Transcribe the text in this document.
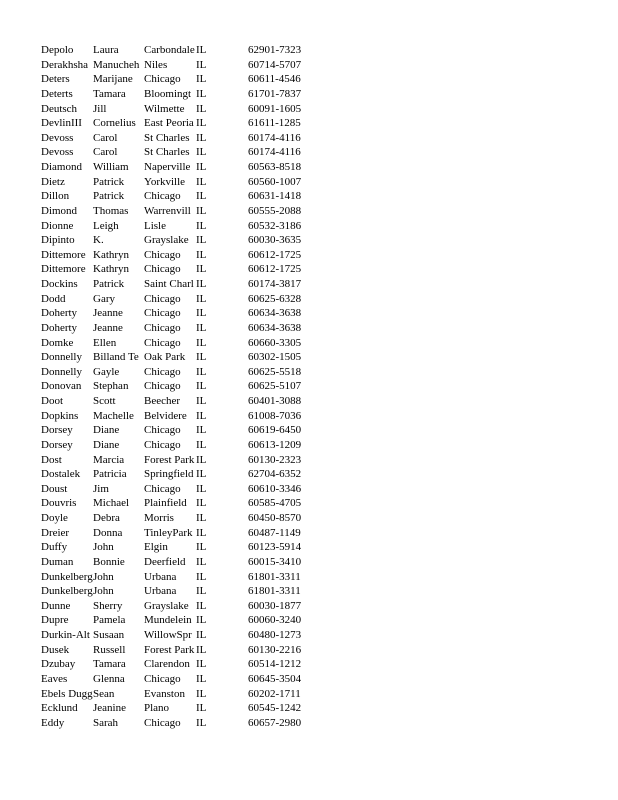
Depolo	Laura	Carbondale	IL	62901-7323
Derakhsha	Manucheh	Niles	IL	60714-5707
Deters	Marijane	Chicago	IL	60611-4546
Deterts	Tamara	Bloomingt	IL	61701-7837
Deutsch	Jill	Wilmette	IL	60091-1605
DevlinIII	Cornelius	East Peoria	IL	61611-1285
Devoss	Carol	St Charles	IL	60174-4116
Devoss	Carol	St Charles	IL	60174-4116
Diamond	William	Naperville	IL	60563-8518
Dietz	Patrick	Yorkville	IL	60560-1007
Dillon	Patrick	Chicago	IL	60631-1418
Dimond	Thomas	Warrenvill	IL	60555-2088
Dionne	Leigh	Lisle	IL	60532-3186
Dipinto	K.	Grayslake	IL	60030-3635
Dittemore	Kathryn	Chicago	IL	60612-1725
Dittemore	Kathryn	Chicago	IL	60612-1725
Dockins	Patrick	Saint Charl	IL	60174-3817
Dodd	Gary	Chicago	IL	60625-6328
Doherty	Jeanne	Chicago	IL	60634-3638
Doherty	Jeanne	Chicago	IL	60634-3638
Domke	Ellen	Chicago	IL	60660-3305
Donnelly	Billand Te	Oak Park	IL	60302-1505
Donnelly	Gayle	Chicago	IL	60625-5518
Donovan	Stephan	Chicago	IL	60625-5107
Doot	Scott	Beecher	IL	60401-3088
Dopkins	Machelle	Belvidere	IL	61008-7036
Dorsey	Diane	Chicago	IL	60619-6450
Dorsey	Diane	Chicago	IL	60613-1209
Dost	Marcia	Forest Park	IL	60130-2323
Dostalek	Patricia	Springfield	IL	62704-6352
Doust	Jim	Chicago	IL	60610-3346
Douvris	Michael	Plainfield	IL	60585-4705
Doyle	Debra	Morris	IL	60450-8570
Dreier	Donna	TinleyPark	IL	60487-1149
Duffy	John	Elgin	IL	60123-5914
Duman	Bonnie	Deerfield	IL	60015-3410
Dunkelberg	John	Urbana	IL	61801-3311
Dunkelberg	John	Urbana	IL	61801-3311
Dunne	Sherry	Grayslake	IL	60030-1877
Dupre	Pamela	Mundelein	IL	60060-3240
Durkin-Alt	Susaan	WillowSpr	IL	60480-1273
Dusek	Russell	Forest Park	IL	60130-2216
Dzubay	Tamara	Clarendon	IL	60514-1212
Eaves	Glenna	Chicago	IL	60645-3504
Ebels Dugg	Sean	Evanston	IL	60202-1711
Ecklund	Jeanine	Plano	IL	60545-1242
Eddy	Sarah	Chicago	IL	60657-2980
